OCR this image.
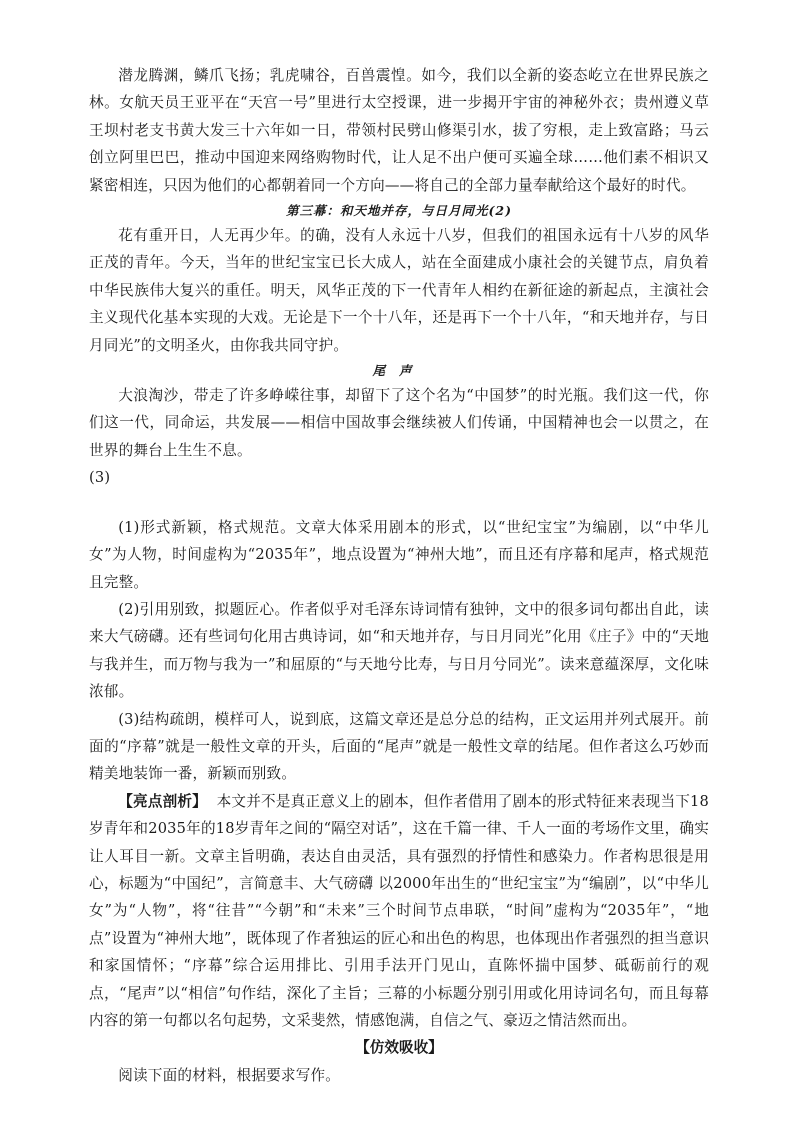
潜龙腾渊，鳞爪飞扬；乳虎啸谷，百兽震惶。如今，我们以全新的姿态屹立在世界民族之林。女航天员王亚平在“天宫一号”里进行太空授课，进一步揭开宇宙的神秘外衣；贵州遵义草王坝村老支书黄大发三十六年如一日，带领村民劈山修渠引水，拔了穷根，走上致富路；马云创立阿里巴巴，推动中国迎来网络购物时代，让人足不出户便可买遍全球……他们素不相识又紧密相连，只因为他们的心都朝着同一个方向——将自己的全部力量奉献给这个最好的时代。

第三幕：和天地并存，与日月同光(2)

花有重开日，人无再少年。的确，没有人永远十八岁，但我们的祖国永远有十八岁的风华正茂的青年。今天，当年的世纪宝宝已长大成人，站在全面建成小康社会的关键节点，肩负着中华民族伟大复兴的重任。明天，风华正茂的下一代青年人相约在新征途的新起点，主演社会主义现代化基本实现的大戏。无论是下一个十八年，还是再下一个十八年，“和天地并存，与日月同光”的文明圣火，由你我共同守护。

尾声

大浪淘沙，带走了许多峥嵘往事，却留下了这个名为“中国梦”的时光瓶。我们这一代，你们这一代，同命运，共发展——相信中国故事会继续被人们传诵，中国精神也会一以贯之，在世界的舞台上生生不息。

(3)

(1)形式新颖，格式规范。文章大体采用剧本的形式，以“世纪宝宝”为编剧，以“中华儿女”为人物，时间虚构为“2035年”，地点设置为“神州大地”，而且还有序幕和尾声，格式规范且完整。

(2)引用别致，拟题匠心。作者似乎对毛泽东诗词情有独钟，文中的很多词句都出自此，读来大气磅礴。还有些词句化用古典诗词，如“和天地并存，与日月同光”化用《庄子》中的“天地与我并生，而万物与我为一”和屈原的“与天地兮比寿，与日月兮同光”。读来意蕴深厚，文化味浓郁。

(3)结构疏朗，模样可人，说到底，这篇文章还是总分总的结构，正文运用并列式展开。前面的“序幕”就是一般性文章的开头，后面的“尾声”就是一般性文章的结尾。但作者这么巧妙而精美地装饰一番，新颖而别致。

【亮点剖析】 本文并不是真正意义上的剧本，但作者借用了剧本的形式特征来表现当下18岁青年和2035年的18岁青年之间的“隔空对话”，这在千篇一律、千人一面的考场作文里，确实让人耳目一新。文章主旨明确，表达自由灵活，具有强烈的抒情性和感染力。作者构思很是用心，标题为“中国纪”，言简意丰、大气磅礴 以2000年出生的“世纪宝宝”为“编剧”，以“中华儿女”为“人物”，将“往昔”“今朝”和“未来”三个时间节点串联，“时间”虚构为“2035年”，“地点”设置为“神州大地”，既体现了作者独运的匠心和出色的构思，也体现出作者强烈的担当意识和家国情怀；“序幕”综合运用排比、引用手法开门见山，直陈怀揣中国梦、砥砺前行的观点，“尾声”以“相信”句作结，深化了主旨；三幕的小标题分别引用或化用诗词名句，而且每幕内容的第一句都以名句起势，文采斐然，情感饱满，自信之气、豪迈之情洁然而出。

【仿效吸收】

阅读下面的材料，根据要求写作。
